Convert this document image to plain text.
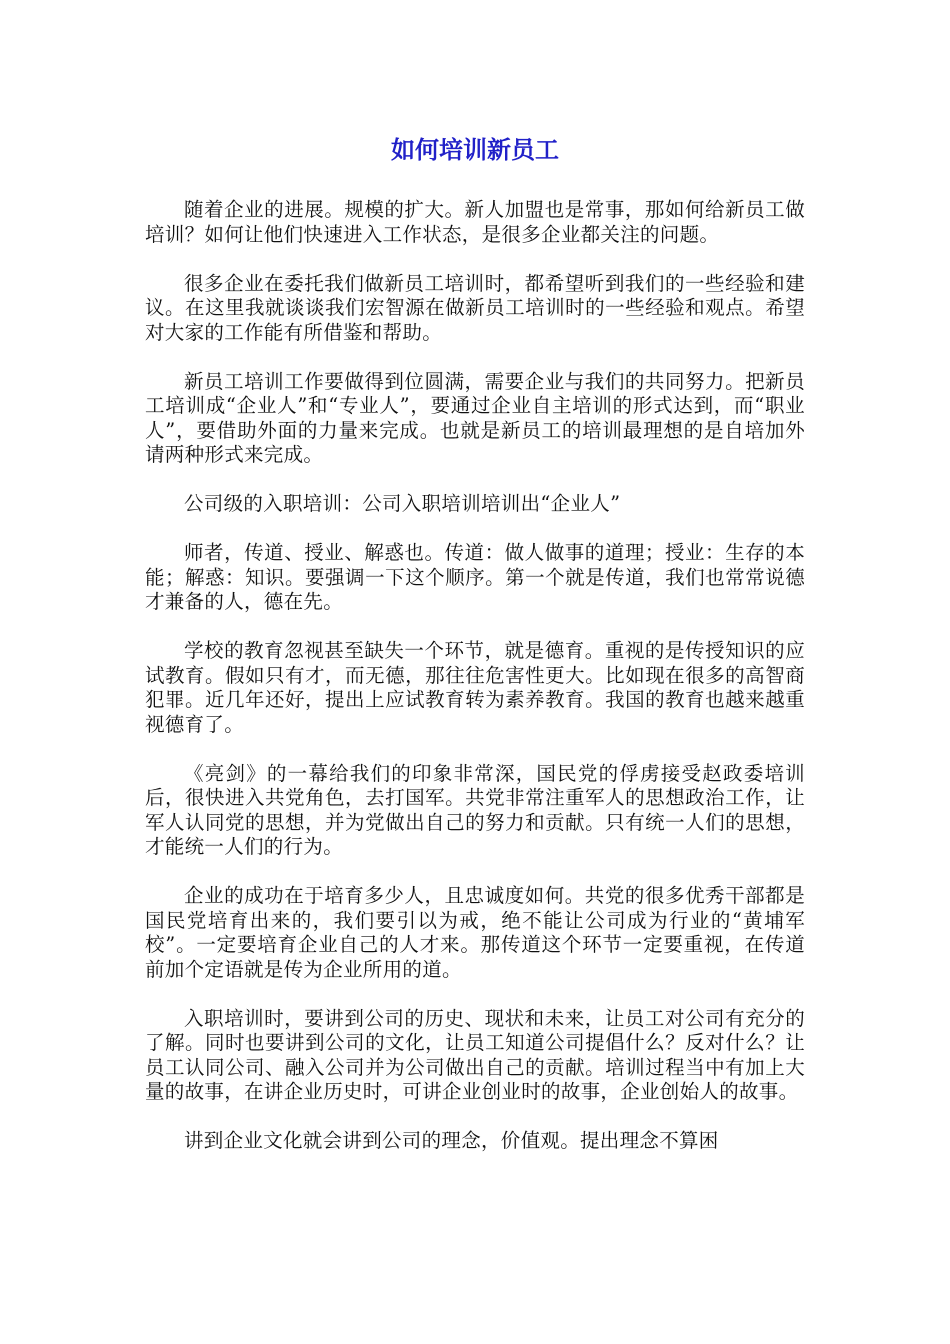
如何培训新员工

随着企业的进展。规模的扩大。新人加盟也是常事，那如何给新员工做培训？如何让他们快速进入工作状态，是很多企业都关注的问题。

很多企业在委托我们做新员工培训时，都希望听到我们的一些经验和建议。在这里我就谈谈我们宏智源在做新员工培训时的一些经验和观点。希望对大家的工作能有所借鉴和帮助。

新员工培训工作要做得到位圆满，需要企业与我们的共同努力。把新员工培训成“企业人”和“专业人”，要通过企业自主培训的形式达到，而“职业人”，要借助外面的力量来完成。也就是新员工的培训最理想的是自培加外请两种形式来完成。

公司级的入职培训：公司入职培训培训出“企业人”

师者，传道、授业、解惑也。传道：做人做事的道理；授业：生存的本能；解惑：知识。要强调一下这个顺序。第一个就是传道，我们也常常说德才兼备的人，德在先。

学校的教育忽视甚至缺失一个环节，就是德育。重视的是传授知识的应试教育。假如只有才，而无德，那往往危害性更大。比如现在很多的高智商犯罪。近几年还好，提出上应试教育转为素养教育。我国的教育也越来越重视德育了。

《亮剑》的一幕给我们的印象非常深，国民党的俘虏接受赵政委培训后，很快进入共党角色，去打国军。共党非常注重军人的思想政治工作，让军人认同党的思想，并为党做出自己的努力和贡献。只有统一人们的思想，才能统一人们的行为。

企业的成功在于培育多少人，且忠诚度如何。共党的很多优秀干部都是国民党培育出来的，我们要引以为戒，绝不能让公司成为行业的“黄埔军校”。一定要培育企业自己的人才来。那传道这个环节一定要重视，在传道前加个定语就是传为企业所用的道。

入职培训时，要讲到公司的历史、现状和未来，让员工对公司有充分的了解。同时也要讲到公司的文化，让员工知道公司提倡什么？反对什么？让员工认同公司、融入公司并为公司做出自己的贡献。培训过程当中有加上大量的故事，在讲企业历史时，可讲企业创业时的故事，企业创始人的故事。

讲到企业文化就会讲到公司的理念，价值观。提出理念不算困
